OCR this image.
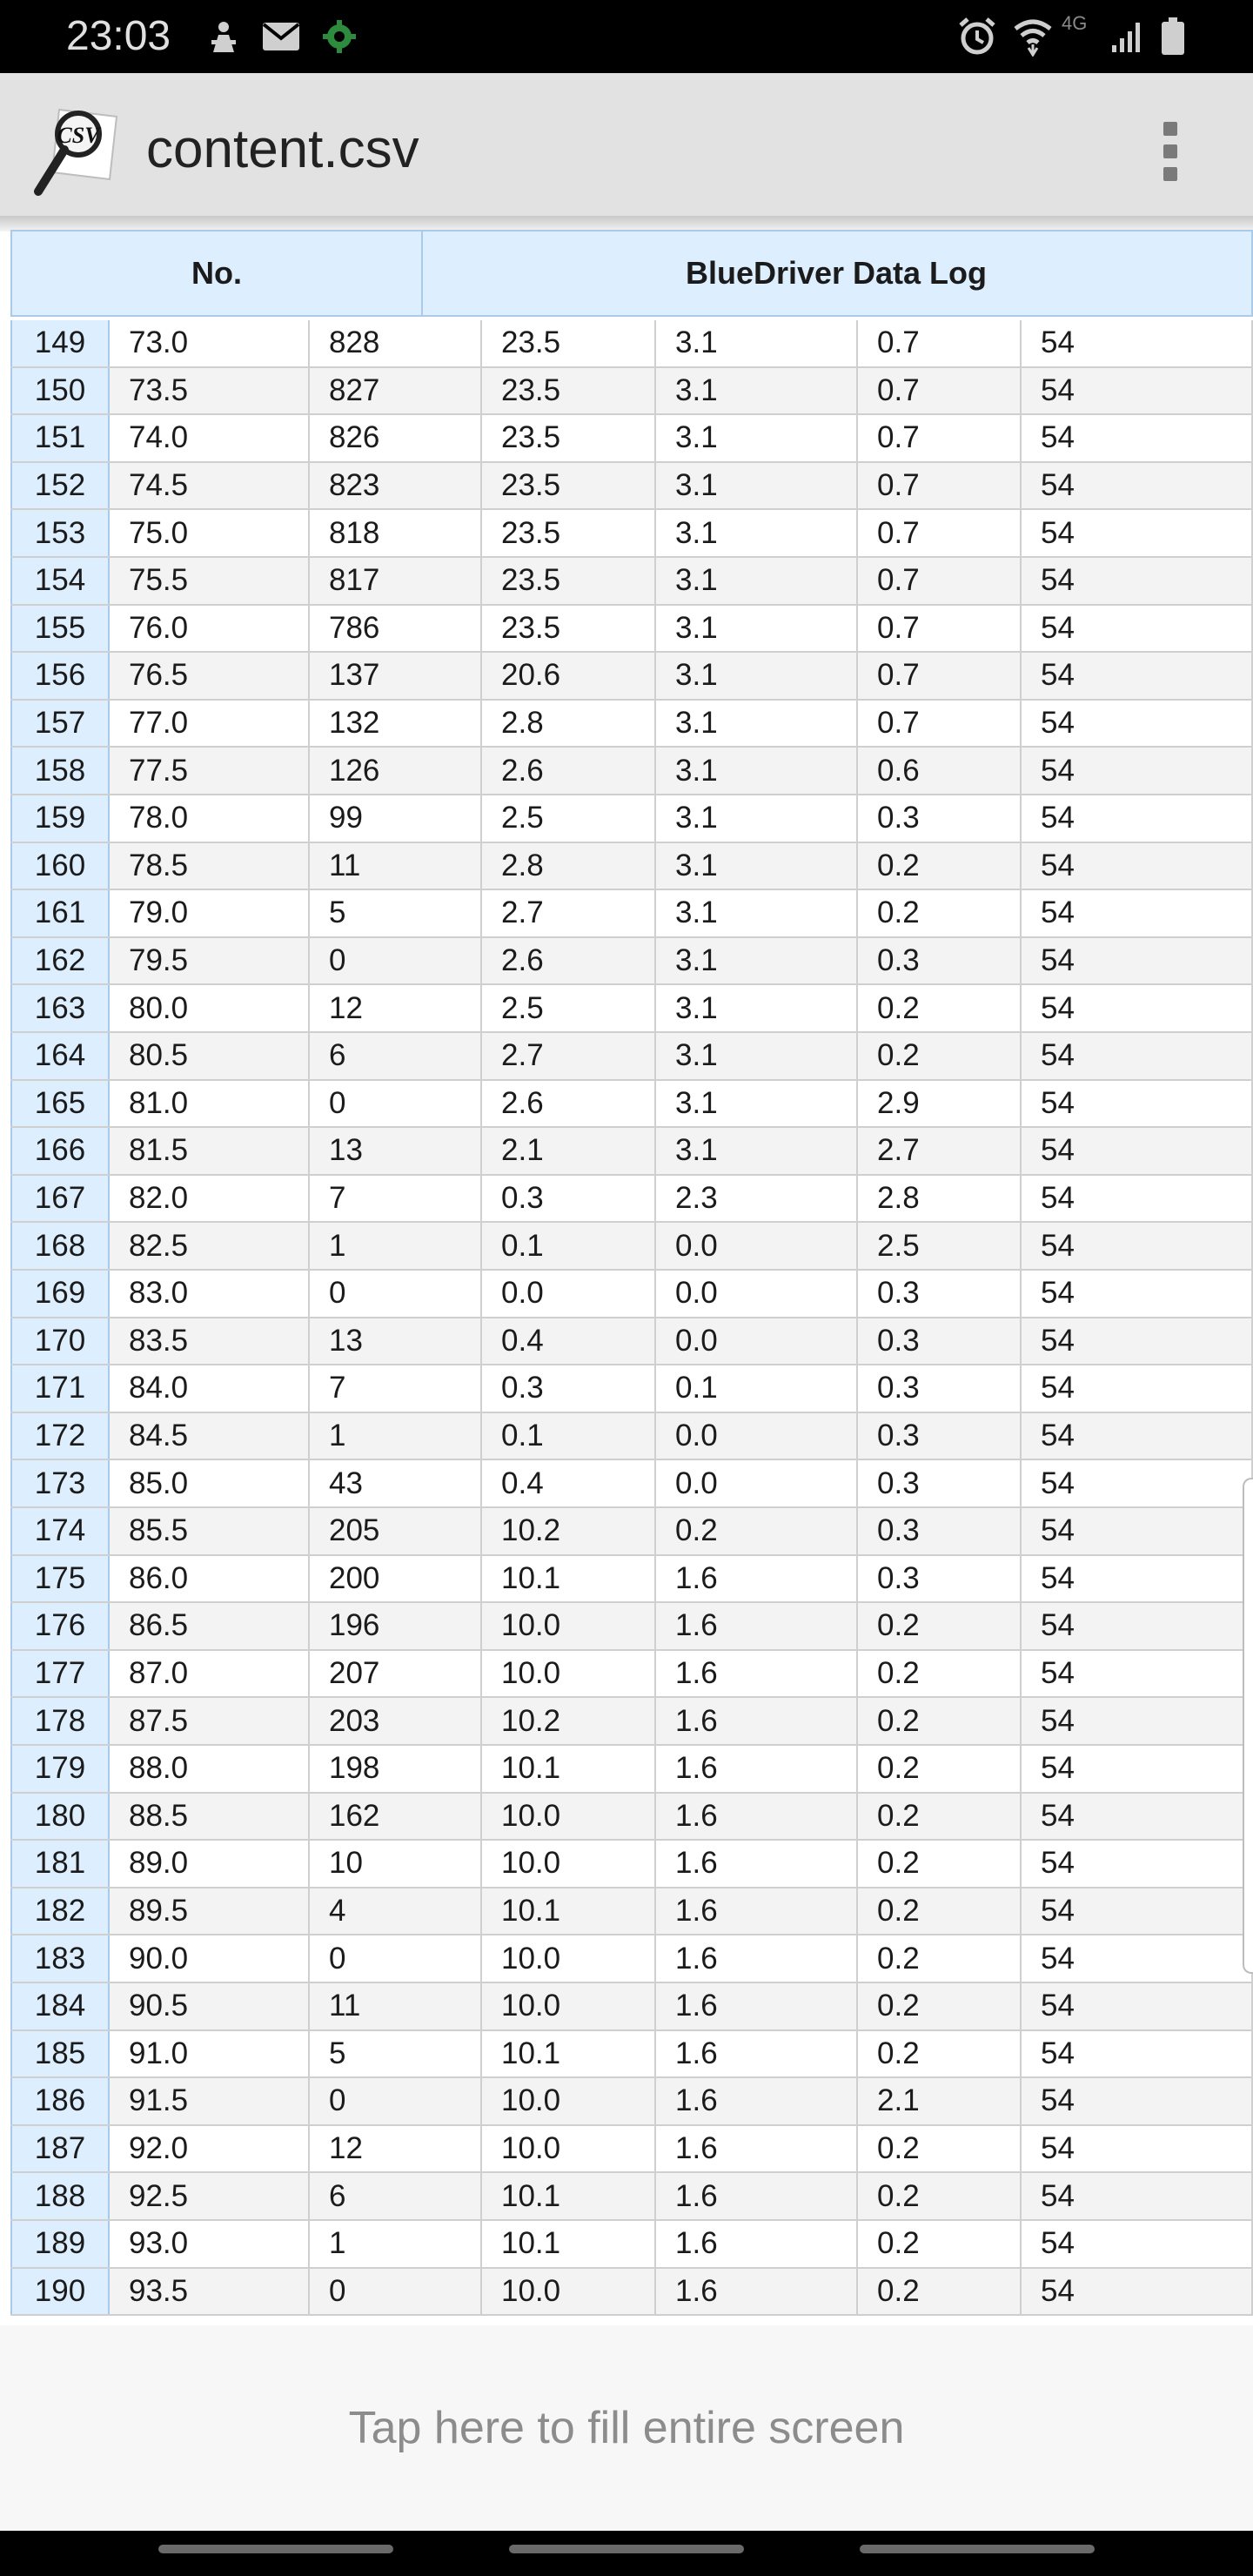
23:03	4G
CSV content.csv
No.	BlueDriver Data Log
149	73.0	828	23.5	3.1	0.7	54
150	73.5	827	23.5	3.1	0.7	54
151	74.0	826	23.5	3.1	0.7	54
152	74.5	823	23.5	3.1	0.7	54
153	75.0	818	23.5	3.1	0.7	54
154	75.5	817	23.5	3.1	0.7	54
155	76.0	786	23.5	3.1	0.7	54
156	76.5	137	20.6	3.1	0.7	54
157	77.0	132	2.8	3.1	0.7	54
158	77.5	126	2.6	3.1	0.6	54
159	78.0	99	2.5	3.1	0.3	54
160	78.5	11	2.8	3.1	0.2	54
161	79.0	5	2.7	3.1	0.2	54
162	79.5	0	2.6	3.1	0.3	54
163	80.0	12	2.5	3.1	0.2	54
164	80.5	6	2.7	3.1	0.2	54
165	81.0	0	2.6	3.1	2.9	54
166	81.5	13	2.1	3.1	2.7	54
167	82.0	7	0.3	2.3	2.8	54
168	82.5	1	0.1	0.0	2.5	54
169	83.0	0	0.0	0.0	0.3	54
170	83.5	13	0.4	0.0	0.3	54
171	84.0	7	0.3	0.1	0.3	54
172	84.5	1	0.1	0.0	0.3	54
173	85.0	43	0.4	0.0	0.3	54
174	85.5	205	10.2	0.2	0.3	54
175	86.0	200	10.1	1.6	0.3	54
176	86.5	196	10.0	1.6	0.2	54
177	87.0	207	10.0	1.6	0.2	54
178	87.5	203	10.2	1.6	0.2	54
179	88.0	198	10.1	1.6	0.2	54
180	88.5	162	10.0	1.6	0.2	54
181	89.0	10	10.0	1.6	0.2	54
182	89.5	4	10.1	1.6	0.2	54
183	90.0	0	10.0	1.6	0.2	54
184	90.5	11	10.0	1.6	0.2	54
185	91.0	5	10.1	1.6	0.2	54
186	91.5	0	10.0	1.6	2.1	54
187	92.0	12	10.0	1.6	0.2	54
188	92.5	6	10.1	1.6	0.2	54
189	93.0	1	10.1	1.6	0.2	54
190	93.5	0	10.0	1.6	0.2	54
Tap here to fill entire screen
